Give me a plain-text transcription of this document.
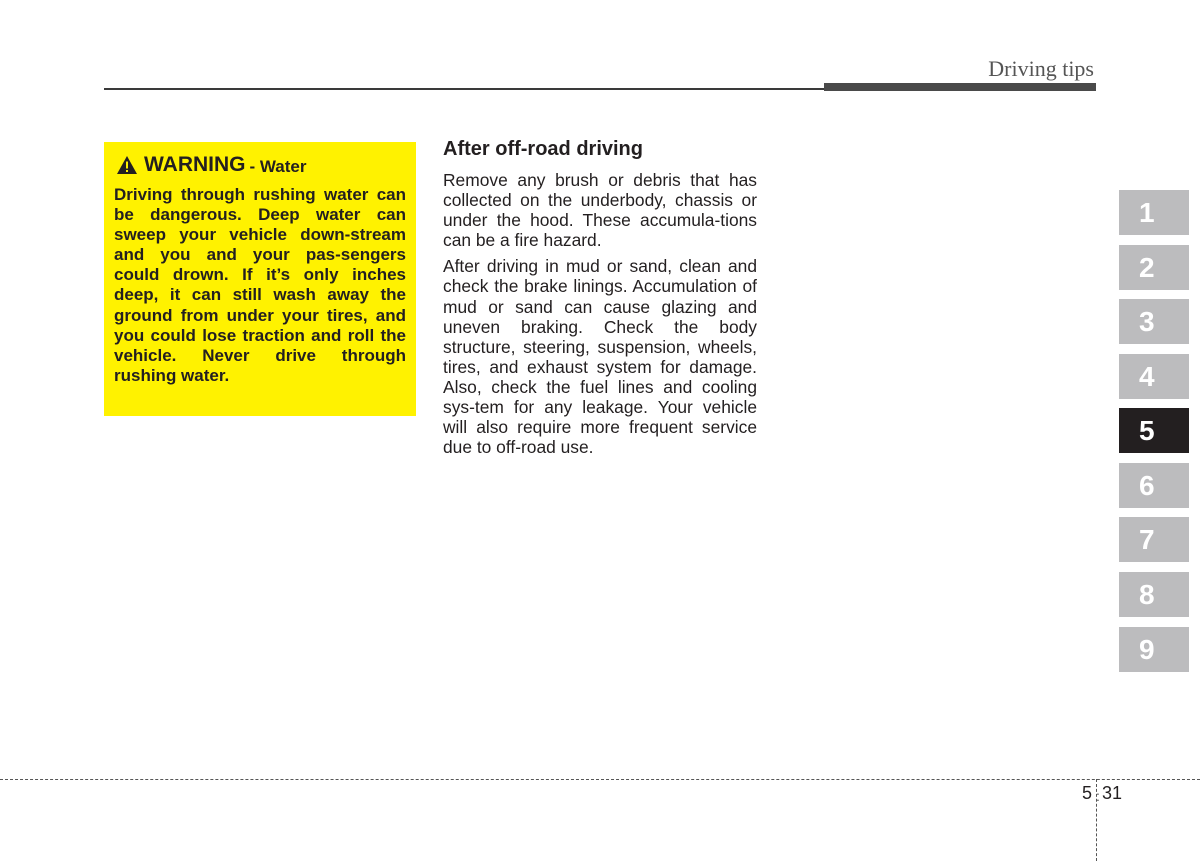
Driving tips
WARNING - Water

Driving through rushing water can be dangerous. Deep water can sweep your vehicle down-stream and you and your pas-sengers could drown. If it’s only inches deep, it can still wash away the ground from under your tires, and you could lose traction and roll the vehicle. Never drive through rushing water.

After off-road driving

Remove any brush or debris that has collected on the underbody, chassis or under the hood. These accumula-tions can be a fire hazard.

After driving in mud or sand, clean and check the brake linings. Accumulation of mud or sand can cause glazing and uneven braking. Check the body structure, steering, suspension, wheels, tires, and exhaust system for damage. Also, check the fuel lines and cooling sys-tem for any leakage. Your vehicle will also require more frequent service due to off-road use.

1
2
3
4
5
6
7
8
9
5 : 31
